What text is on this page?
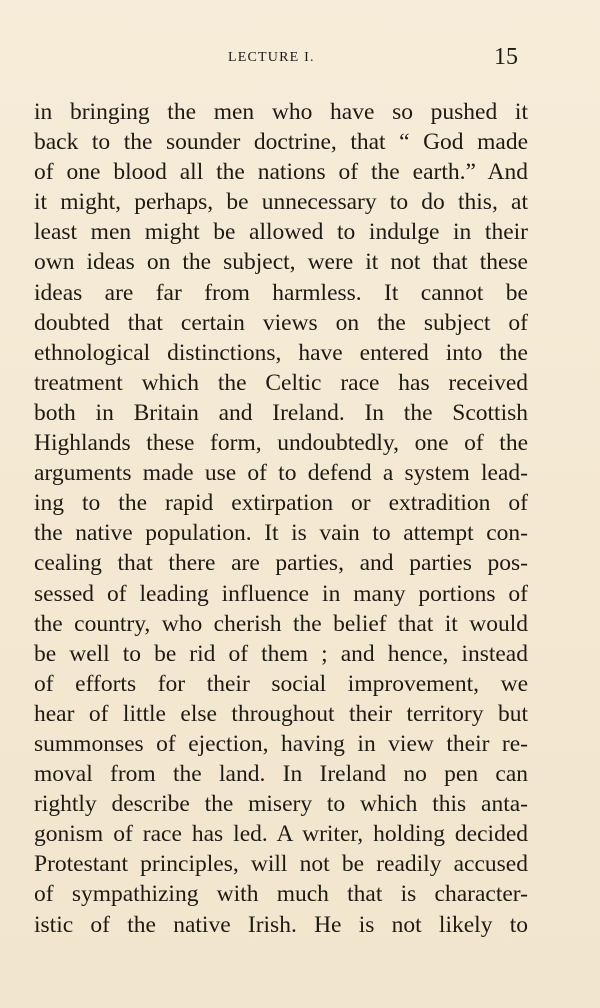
LECTURE I.	15
in bringing the men who have so pushed it
back to the sounder doctrine, that “ God made
of one blood all the nations of the earth.” And
it might, perhaps, be unnecessary to do this, at
least men might be allowed to indulge in their
own ideas on the subject, were it not that these
ideas are far from harmless. It cannot be
doubted that certain views on the subject of
ethnological distinctions, have entered into the
treatment which the Celtic race has received
both in Britain and Ireland. In the Scottish
Highlands these form, undoubtedly, one of the
arguments made use of to defend a system lead-
ing to the rapid extirpation or extradition of
the native population. It is vain to attempt con-
cealing that there are parties, and parties pos-
sessed of leading influence in many portions of
the country, who cherish the belief that it would
be well to be rid of them ; and hence, instead
of efforts for their social improvement, we
hear of little else throughout their territory but
summonses of ejection, having in view their re-
moval from the land. In Ireland no pen can
rightly describe the misery to which this anta-
gonism of race has led. A writer, holding decided
Protestant principles, will not be readily accused
of sympathizing with much that is character-
istic of the native Irish. He is not likely to
